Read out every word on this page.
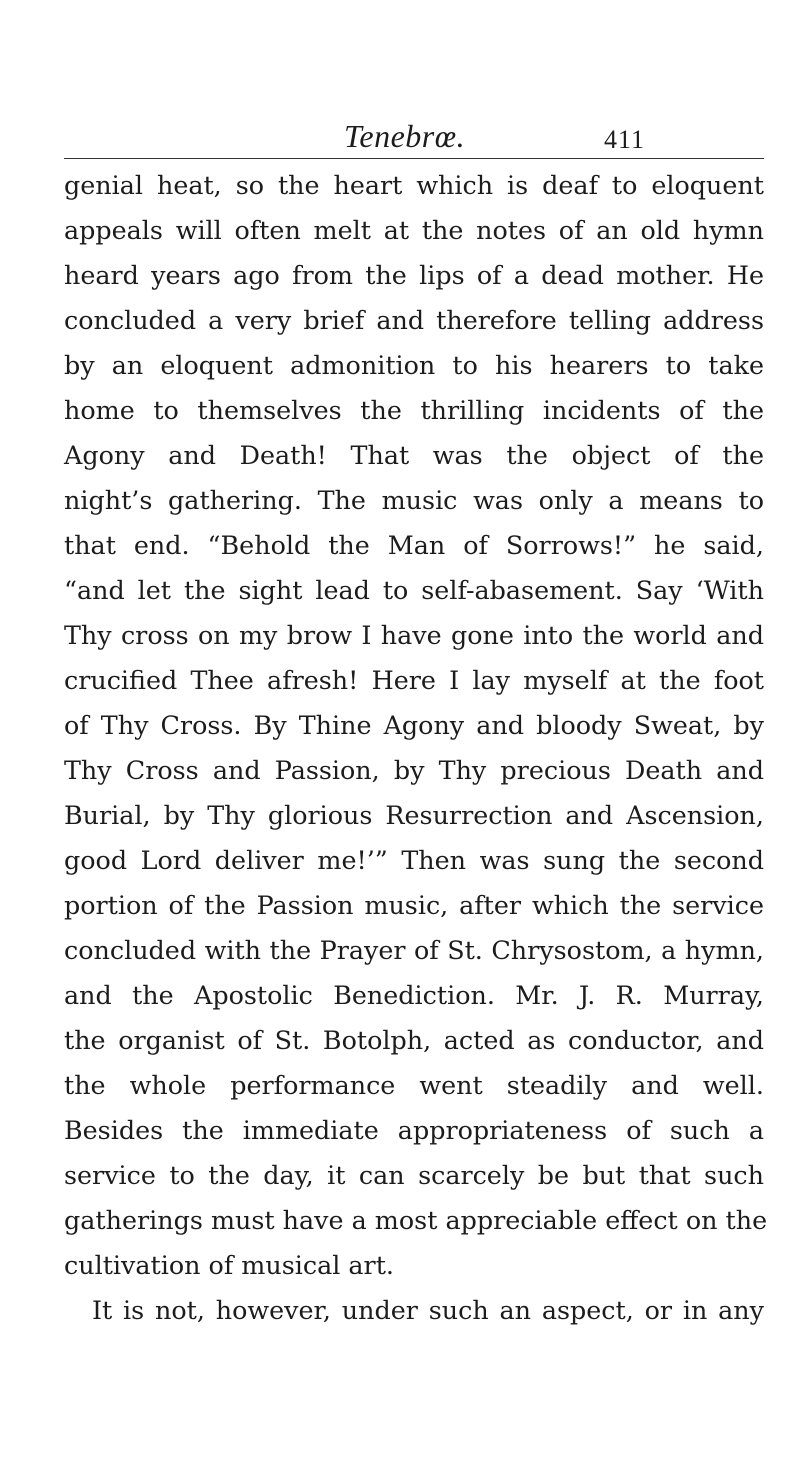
Tenebrœ.	411
genial heat, so the heart which is deaf to eloquent
appeals will often melt at the notes of an old hymn
heard years ago from the lips of a dead mother. He
concluded a very brief and therefore telling address
by an eloquent admonition to his hearers to take
home to themselves the thrilling incidents of the
Agony and Death! That was the object of the
night’s gathering. The music was only a means to
that end. “Behold the Man of Sorrows!” he said,
“and let the sight lead to self-abasement. Say ‘With
Thy cross on my brow I have gone into the world and
crucified Thee afresh! Here I lay myself at the foot
of Thy Cross. By Thine Agony and bloody Sweat, by
Thy Cross and Passion, by Thy precious Death and
Burial, by Thy glorious Resurrection and Ascension,
good Lord deliver me!’” Then was sung the second
portion of the Passion music, after which the service
concluded with the Prayer of St. Chrysostom, a hymn,
and the Apostolic Benediction. Mr. J. R. Murray,
the organist of St. Botolph, acted as conductor, and
the whole performance went steadily and well.
Besides the immediate appropriateness of such a
service to the day, it can scarcely be but that such
gatherings must have a most appreciable effect on the
cultivation of musical art.
It is not, however, under such an aspect, or in any
